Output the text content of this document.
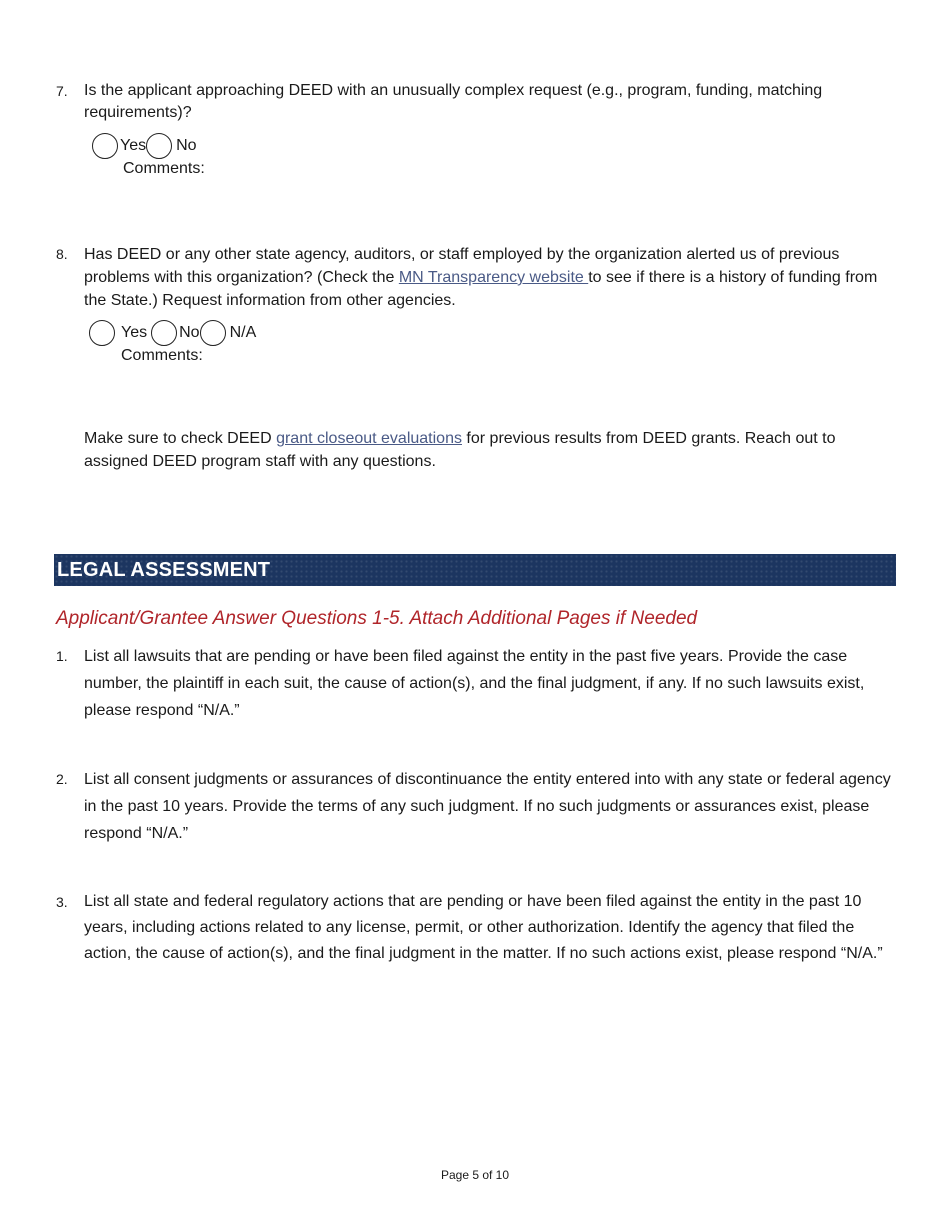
7.	Is the applicant approaching DEED with an unusually complex request (e.g., program, funding, matching requirements)?
Yes No
Comments:
8.	Has DEED or any other state agency, auditors, or staff employed by the organization alerted us of previous problems with this organization? (Check the MN Transparency website to see if there is a history of funding from the State.) Request information from other agencies.
Yes No N/A
Comments:
Make sure to check DEED grant closeout evaluations for previous results from DEED grants. Reach out to assigned DEED program staff with any questions.
LEGAL ASSESSMENT
Applicant/Grantee Answer Questions 1-5. Attach Additional Pages if Needed
1.	List all lawsuits that are pending or have been filed against the entity in the past five years. Provide the case number, the plaintiff in each suit, the cause of action(s), and the final judgment, if any. If no such lawsuits exist, please respond “N/A.”
2.	List all consent judgments or assurances of discontinuance the entity entered into with any state or federal agency in the past 10 years. Provide the terms of any such judgment. If no such judgments or assurances exist, please respond “N/A.”
3.	List all state and federal regulatory actions that are pending or have been filed against the entity in the past 10 years, including actions related to any license, permit, or other authorization. Identify the agency that filed the action, the cause of action(s), and the final judgment in the matter. If no such actions exist, please respond “N/A.”
Page 5 of 10
